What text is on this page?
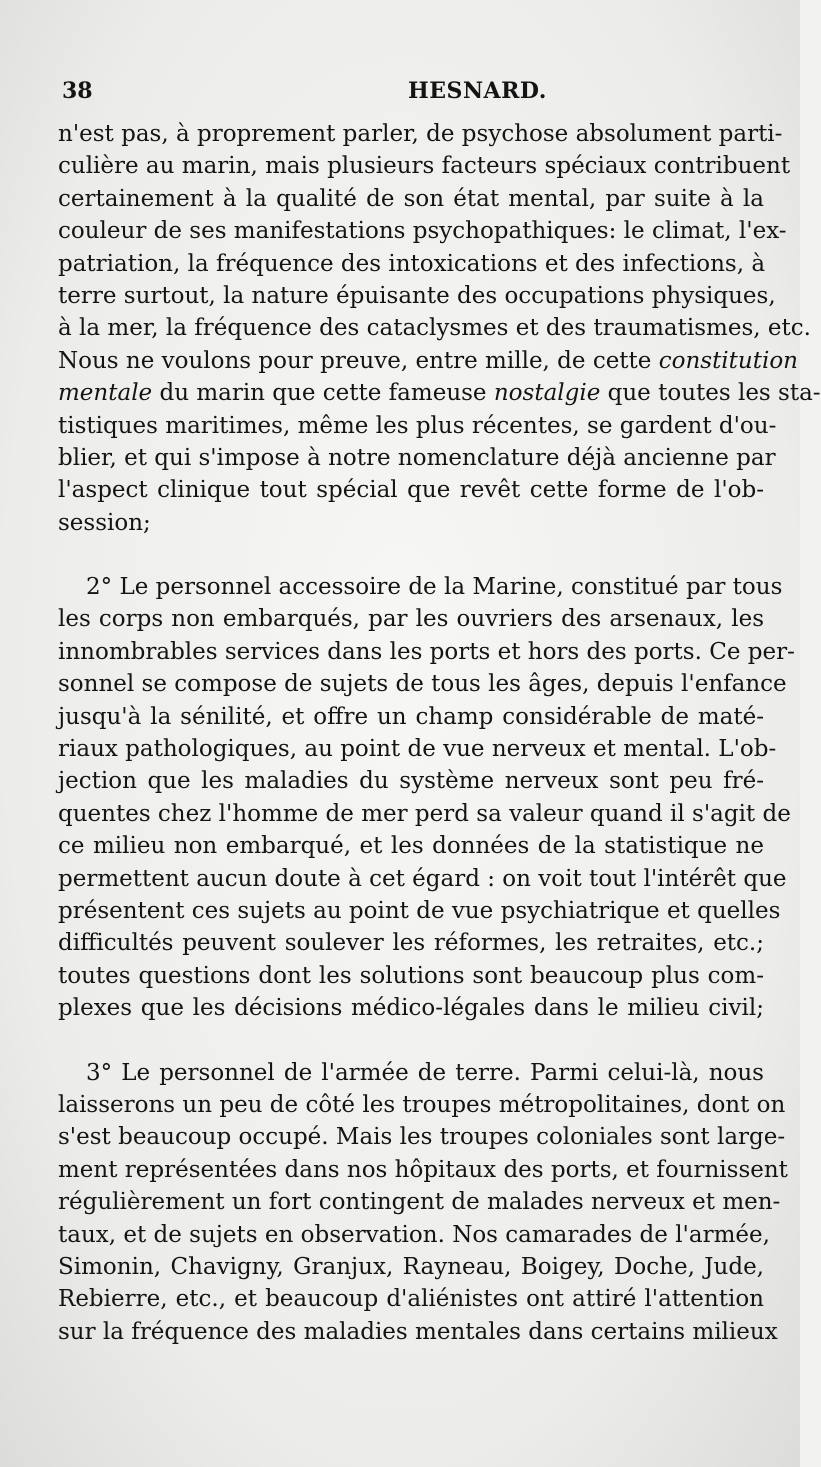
38	HESNARD.
n'est pas, à proprement parler, de psychose absolument parti-
culière au marin, mais plusieurs facteurs spéciaux contribuent
certainement à la qualité de son état mental, par suite à la
couleur de ses manifestations psychopathiques: le climat, l'ex-
patriation, la fréquence des intoxications et des infections, à
terre surtout, la nature épuisante des occupations physiques,
à la mer, la fréquence des cataclysmes et des traumatismes, etc.
Nous ne voulons pour preuve, entre mille, de cette constitution
mentale du marin que cette fameuse nostalgie que toutes les sta-
tistiques maritimes, même les plus récentes, se gardent d'ou-
blier, et qui s'impose à notre nomenclature déjà ancienne par
l'aspect clinique tout spécial que revêt cette forme de l'ob-
session;
2° Le personnel accessoire de la Marine, constitué par tous
les corps non embarqués, par les ouvriers des arsenaux, les
innombrables services dans les ports et hors des ports. Ce per-
sonnel se compose de sujets de tous les âges, depuis l'enfance
jusqu'à la sénilité, et offre un champ considérable de maté-
riaux pathologiques, au point de vue nerveux et mental. L'ob-
jection que les maladies du système nerveux sont peu fré-
quentes chez l'homme de mer perd sa valeur quand il s'agit de
ce milieu non embarqué, et les données de la statistique ne
permettent aucun doute à cet égard : on voit tout l'intérêt que
présentent ces sujets au point de vue psychiatrique et quelles
difficultés peuvent soulever les réformes, les retraites, etc.;
toutes questions dont les solutions sont beaucoup plus com-
plexes que les décisions médico-légales dans le milieu civil;
3° Le personnel de l'armée de terre. Parmi celui-là, nous
laisserons un peu de côté les troupes métropolitaines, dont on
s'est beaucoup occupé. Mais les troupes coloniales sont large-
ment représentées dans nos hôpitaux des ports, et fournissent
régulièrement un fort contingent de malades nerveux et men-
taux, et de sujets en observation. Nos camarades de l'armée,
Simonin, Chavigny, Granjux, Rayneau, Boigey, Doche, Jude,
Rebierre, etc., et beaucoup d'aliénistes ont attiré l'attention
sur la fréquence des maladies mentales dans certains milieux
